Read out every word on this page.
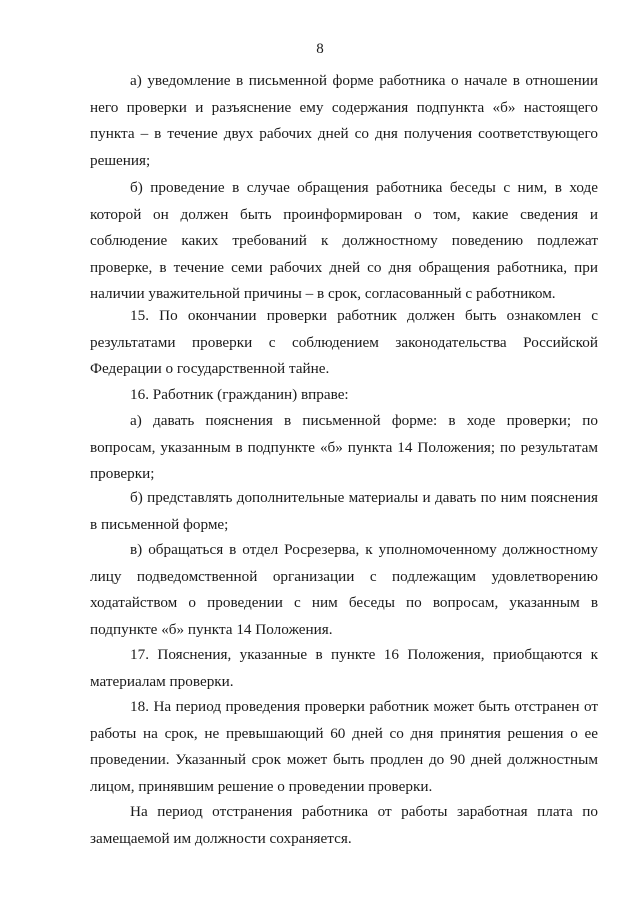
8

а) уведомление в письменной форме работника о начале в отношении него проверки и разъяснение ему содержания подпункта «б» настоящего пункта – в течение двух рабочих дней со дня получения соответствующего решения;

б) проведение в случае обращения работника беседы с ним, в ходе которой он должен быть проинформирован о том, какие сведения и соблюдение каких требований к должностному поведению подлежат проверке, в течение семи рабочих дней со дня обращения работника, при наличии уважительной причины – в срок, согласованный с работником.

15. По окончании проверки работник должен быть ознакомлен с результатами проверки с соблюдением законодательства Российской Федерации о государственной тайне.

16. Работник (гражданин) вправе:

а) давать пояснения в письменной форме: в ходе проверки; по вопросам, указанным в подпункте «б» пункта 14 Положения; по результатам проверки;

б) представлять дополнительные материалы и давать по ним пояснения в письменной форме;

в) обращаться в отдел Росрезерва, к уполномоченному должностному лицу подведомственной организации с подлежащим удовлетворению ходатайством о проведении с ним беседы по вопросам, указанным в подпункте «б» пункта 14 Положения.

17. Пояснения, указанные в пункте 16 Положения, приобщаются к материалам проверки.

18. На период проведения проверки работник может быть отстранен от работы на срок, не превышающий 60 дней со дня принятия решения о ее проведении. Указанный срок может быть продлен до 90 дней должностным лицом, принявшим решение о проведении проверки.

На период отстранения работника от работы заработная плата по замещаемой им должности сохраняется.
